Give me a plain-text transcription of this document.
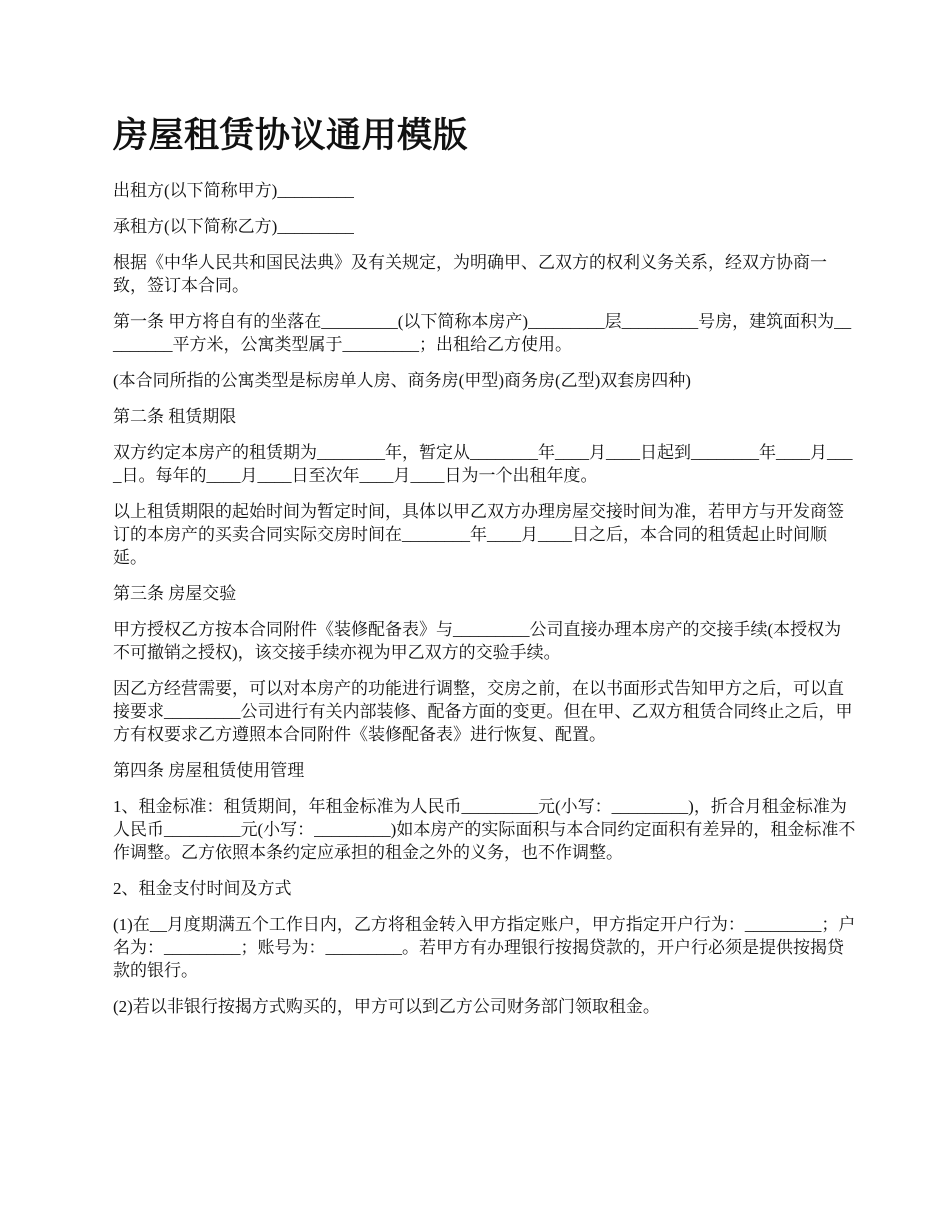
房屋租赁协议通用模版

出租方(以下简称甲方)_________

承租方(以下简称乙方)_________

根据《中华人民共和国民法典》及有关规定，为明确甲、乙双方的权利义务关系，经双方协商一致，签订本合同。

第一条 甲方将自有的坐落在_________(以下简称本房产)_________层_________号房，建筑面积为_________平方米，公寓类型属于_________；出租给乙方使用。

(本合同所指的公寓类型是标房单人房、商务房(甲型)商务房(乙型)双套房四种)

第二条 租赁期限

双方约定本房产的租赁期为________年，暂定从________年____月____日起到________年____月____日。每年的____月____日至次年____月____日为一个出租年度。

以上租赁期限的起始时间为暂定时间，具体以甲乙双方办理房屋交接时间为准，若甲方与开发商签订的本房产的买卖合同实际交房时间在________年____月____日之后，本合同的租赁起止时间顺延。

第三条 房屋交验

甲方授权乙方按本合同附件《装修配备表》与_________公司直接办理本房产的交接手续(本授权为不可撤销之授权)，该交接手续亦视为甲乙双方的交验手续。

因乙方经营需要，可以对本房产的功能进行调整，交房之前，在以书面形式告知甲方之后，可以直接要求_________公司进行有关内部装修、配备方面的变更。但在甲、乙双方租赁合同终止之后，甲方有权要求乙方遵照本合同附件《装修配备表》进行恢复、配置。

第四条 房屋租赁使用管理

1、租金标准：租赁期间，年租金标准为人民币_________元(小写：_________)，折合月租金标准为人民币_________元(小写：_________)如本房产的实际面积与本合同约定面积有差异的，租金标准不作调整。乙方依照本条约定应承担的租金之外的义务，也不作调整。

2、租金支付时间及方式

(1)在__月度期满五个工作日内，乙方将租金转入甲方指定账户，甲方指定开户行为：_________；户名为：_________；账号为：_________。若甲方有办理银行按揭贷款的，开户行必须是提供按揭贷款的银行。

(2)若以非银行按揭方式购买的，甲方可以到乙方公司财务部门领取租金。
